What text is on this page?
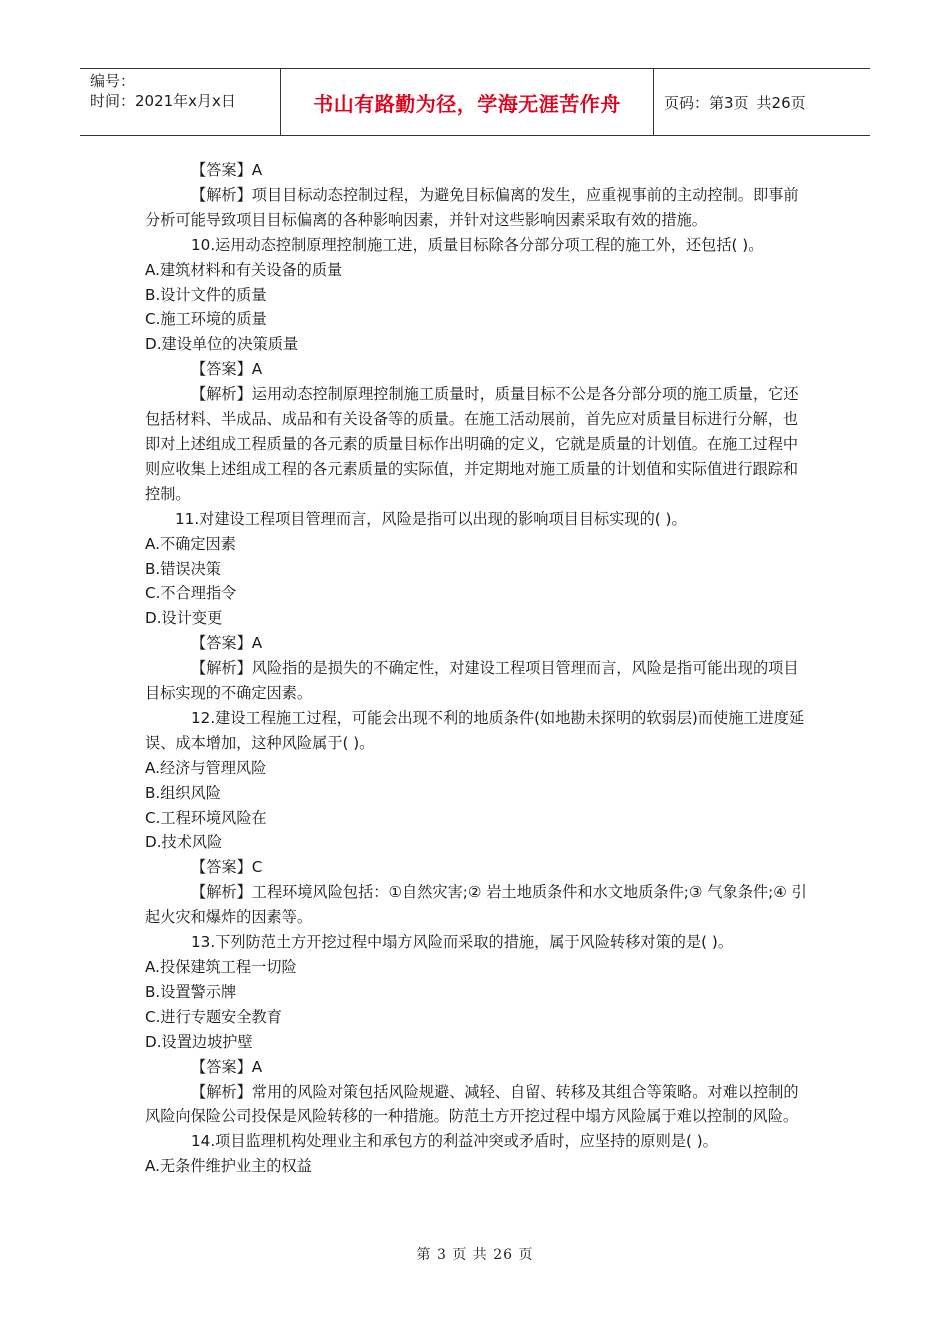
编号：
时间：2021年x月x日	书山有路勤为径，学海无涯苦作舟	页码：第3页 共26页

【答案】A

【解析】项目目标动态控制过程，为避免目标偏离的发生，应重视事前的主动控制。即事前分析可能导致项目目标偏离的各种影响因素，并针对这些影响因素采取有效的措施。

10.运用动态控制原理控制施工进，质量目标除各分部分项工程的施工外，还包括( )。

A.建筑材料和有关设备的质量

B.设计文件的质量

C.施工环境的质量

D.建设单位的决策质量

【答案】A

【解析】运用动态控制原理控制施工质量时，质量目标不公是各分部分项的施工质量，它还包括材料、半成品、成品和有关设备等的质量。在施工活动展前，首先应对质量目标进行分解，也即对上述组成工程质量的各元素的质量目标作出明确的定义，它就是质量的计划值。在施工过程中则应收集上述组成工程的各元素质量的实际值，并定期地对施工质量的计划值和实际值进行跟踪和控制。

11.对建设工程项目管理而言，风险是指可以出现的影响项目目标实现的( )。

A.不确定因素

B.错误决策

C.不合理指令

D.设计变更

【答案】A

【解析】风险指的是损失的不确定性，对建设工程项目管理而言，风险是指可能出现的项目目标实现的不确定因素。

12.建设工程施工过程，可能会出现不利的地质条件(如地勘未探明的软弱层)而使施工进度延误、成本增加，这种风险属于( )。

A.经济与管理风险

B.组织风险

C.工程环境风险在

D.技术风险

【答案】C

【解析】工程环境风险包括：①自然灾害;② 岩土地质条件和水文地质条件;③ 气象条件;④ 引起火灾和爆炸的因素等。

13.下列防范土方开挖过程中塌方风险而采取的措施，属于风险转移对策的是( )。

A.投保建筑工程一切险

B.设置警示牌

C.进行专题安全教育

D.设置边坡护壁

【答案】A

【解析】常用的风险对策包括风险规避、减轻、自留、转移及其组合等策略。对难以控制的风险向保险公司投保是风险转移的一种措施。防范土方开挖过程中塌方风险属于难以控制的风险。

14.项目监理机构处理业主和承包方的利益冲突或矛盾时，应坚持的原则是( )。

A.无条件维护业主的权益

第 3 页 共 26 页
